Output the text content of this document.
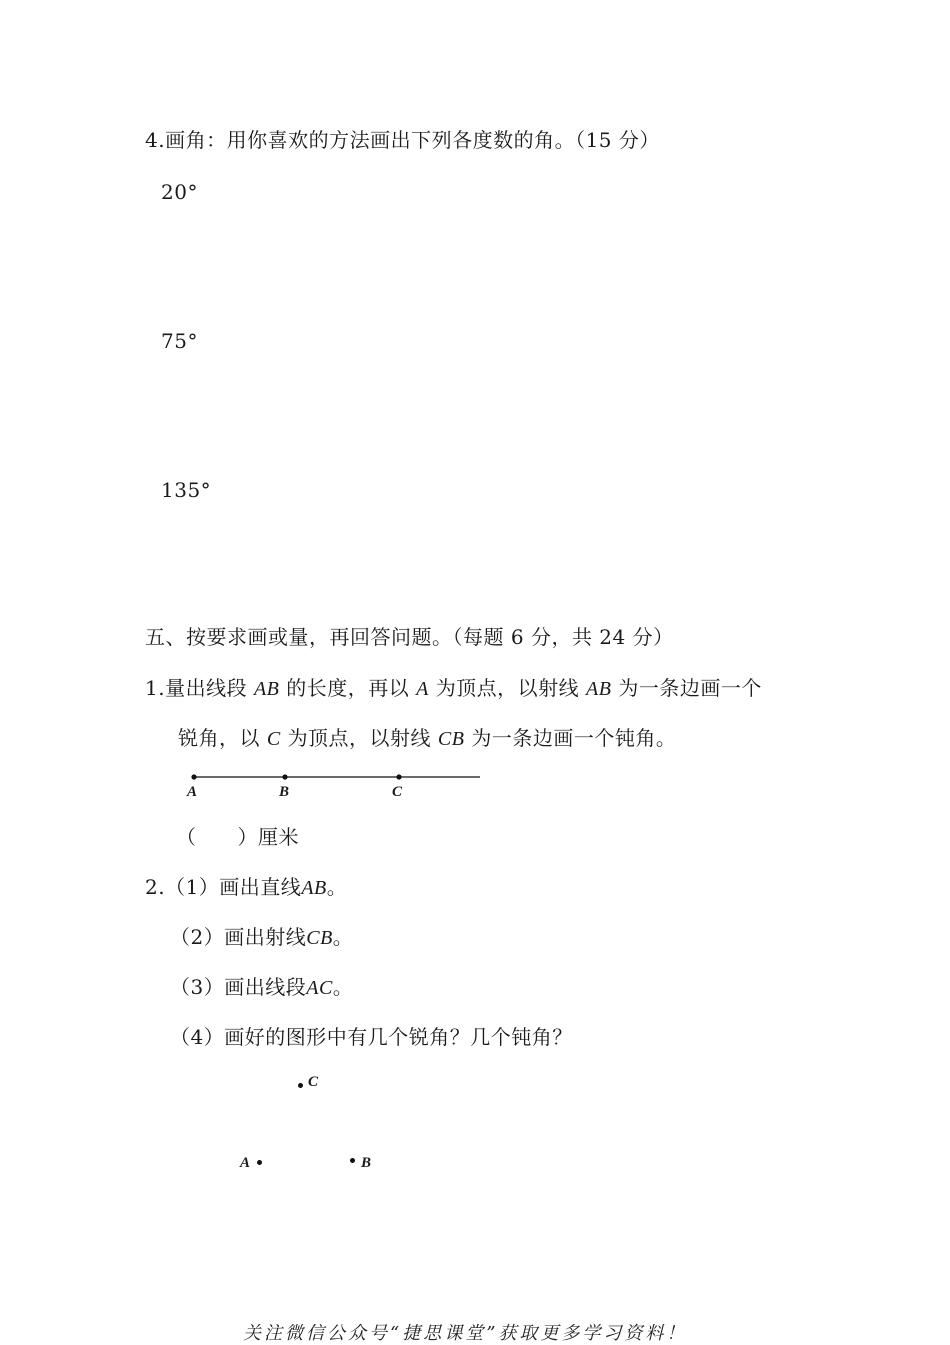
4.画角：用你喜欢的方法画出下列各度数的角。（15 分）
20°
75°
135°
五、按要求画或量，再回答问题。（每题 6 分，共 24 分）
1.量出线段 AB 的长度，再以 A 为顶点，以射线 AB 为一条边画一个
锐角，以 C 为顶点，以射线 CB 为一条边画一个钝角。
A	B	C
（　　）厘米
2.（1）画出直线AB。
（2）画出射线CB。
（3）画出线段AC。
（4）画好的图形中有几个锐角？几个钝角？
C
A	B
关注微信公众号“捷思课堂”获取更多学习资料！
